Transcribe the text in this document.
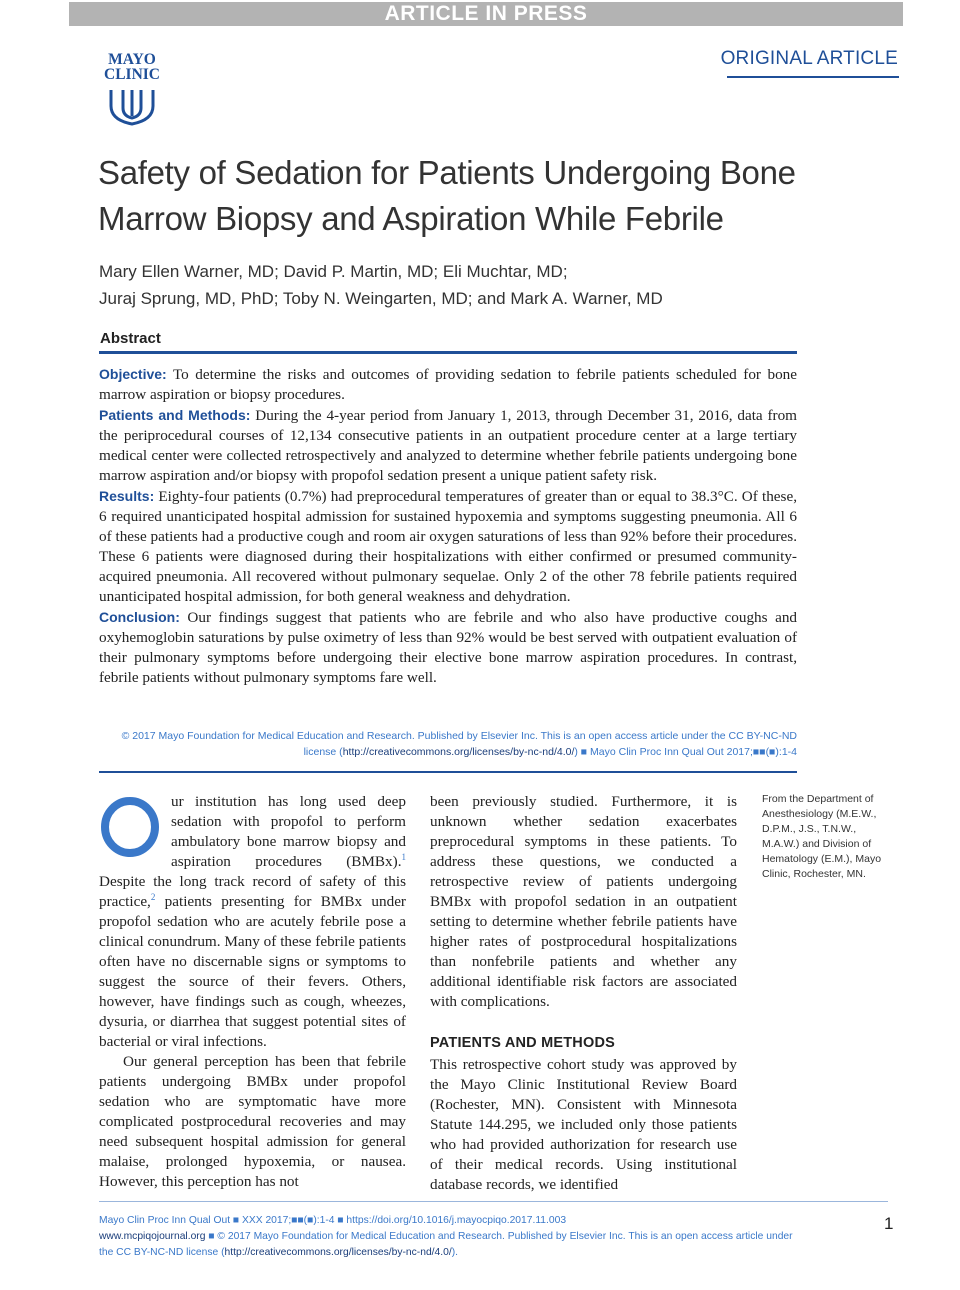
ARTICLE IN PRESS
MAYO
CLINIC
ORIGINAL ARTICLE
Safety of Sedation for Patients Undergoing Bone Marrow Biopsy and Aspiration While Febrile
Mary Ellen Warner, MD; David P. Martin, MD; Eli Muchtar, MD;
Juraj Sprung, MD, PhD; Toby N. Weingarten, MD; and Mark A. Warner, MD
Abstract

Objective: To determine the risks and outcomes of providing sedation to febrile patients scheduled for bone marrow aspiration or biopsy procedures.

Patients and Methods: During the 4-year period from January 1, 2013, through December 31, 2016, data from the periprocedural courses of 12,134 consecutive patients in an outpatient procedure center at a large tertiary medical center were collected retrospectively and analyzed to determine whether febrile patients undergoing bone marrow aspiration and/or biopsy with propofol sedation present a unique patient safety risk.

Results: Eighty-four patients (0.7%) had preprocedural temperatures of greater than or equal to 38.3°C. Of these, 6 required unanticipated hospital admission for sustained hypoxemia and symptoms suggesting pneumonia. All 6 of these patients had a productive cough and room air oxygen saturations of less than 92% before their procedures. These 6 patients were diagnosed during their hospitalizations with either confirmed or presumed community-acquired pneumonia. All recovered without pulmonary sequelae. Only 2 of the other 78 febrile patients required unanticipated hospital admission, for both general weakness and dehydration.

Conclusion: Our findings suggest that patients who are febrile and who also have productive coughs and oxyhemoglobin saturations by pulse oximetry of less than 92% would be best served with outpatient evaluation of their pulmonary symptoms before undergoing their elective bone marrow aspiration procedures. In contrast, febrile patients without pulmonary symptoms fare well.

© 2017 Mayo Foundation for Medical Education and Research. Published by Elsevier Inc. This is an open access article under the CC BY-NC-ND
license (http://creativecommons.org/licenses/by-nc-nd/4.0/) ■ Mayo Clin Proc Inn Qual Out 2017;■■(■):1-4
O	ur institution has long used deep sedation with propofol to perform ambulatory bone marrow biopsy and aspiration procedures (BMBx).$^1$ Despite the long track record of safety of this practice,$^2$ patients presenting for BMBx under propofol sedation who are acutely febrile pose a clinical conundrum. Many of these febrile patients often have no discernable signs or symptoms to suggest the source of their fevers. Others, however, have findings such as cough, wheezes, dysuria, or diarrhea that suggest potential sites of bacterial or viral infections.

Our general perception has been that febrile patients undergoing BMBx under propofol sedation who are symptomatic have more complicated postprocedural recoveries and may need subsequent hospital admission for general malaise, prolonged hypoxemia, or nausea. However, this perception has not

been previously studied. Furthermore, it is unknown whether sedation exacerbates preprocedural symptoms in these patients. To address these questions, we conducted a retrospective review of patients undergoing BMBx with propofol sedation in an outpatient setting to determine whether febrile patients have higher rates of postprocedural hospitalizations than nonfebrile patients and whether any additional identifiable risk factors are associated with complications.

PATIENTS AND METHODS

This retrospective cohort study was approved by the Mayo Clinic Institutional Review Board (Rochester, MN). Consistent with Minnesota Statute 144.295, we included only those patients who had provided authorization for research use of their medical records. Using institutional database records, we identified

From the Department of Anesthesiology (M.E.W., D.P.M., J.S., T.N.W., M.A.W.) and Division of Hematology (E.M.), Mayo Clinic, Rochester, MN.
Mayo Clin Proc Inn Qual Out ■ XXX 2017;■■(■):1-4 ■ https://doi.org/10.1016/j.mayocpiqo.2017.11.003
www.mcpiqojournal.org ■ © 2017 Mayo Foundation for Medical Education and Research. Published by Elsevier Inc. This is an open access article under
the CC BY-NC-ND license (http://creativecommons.org/licenses/by-nc-nd/4.0/).
1
